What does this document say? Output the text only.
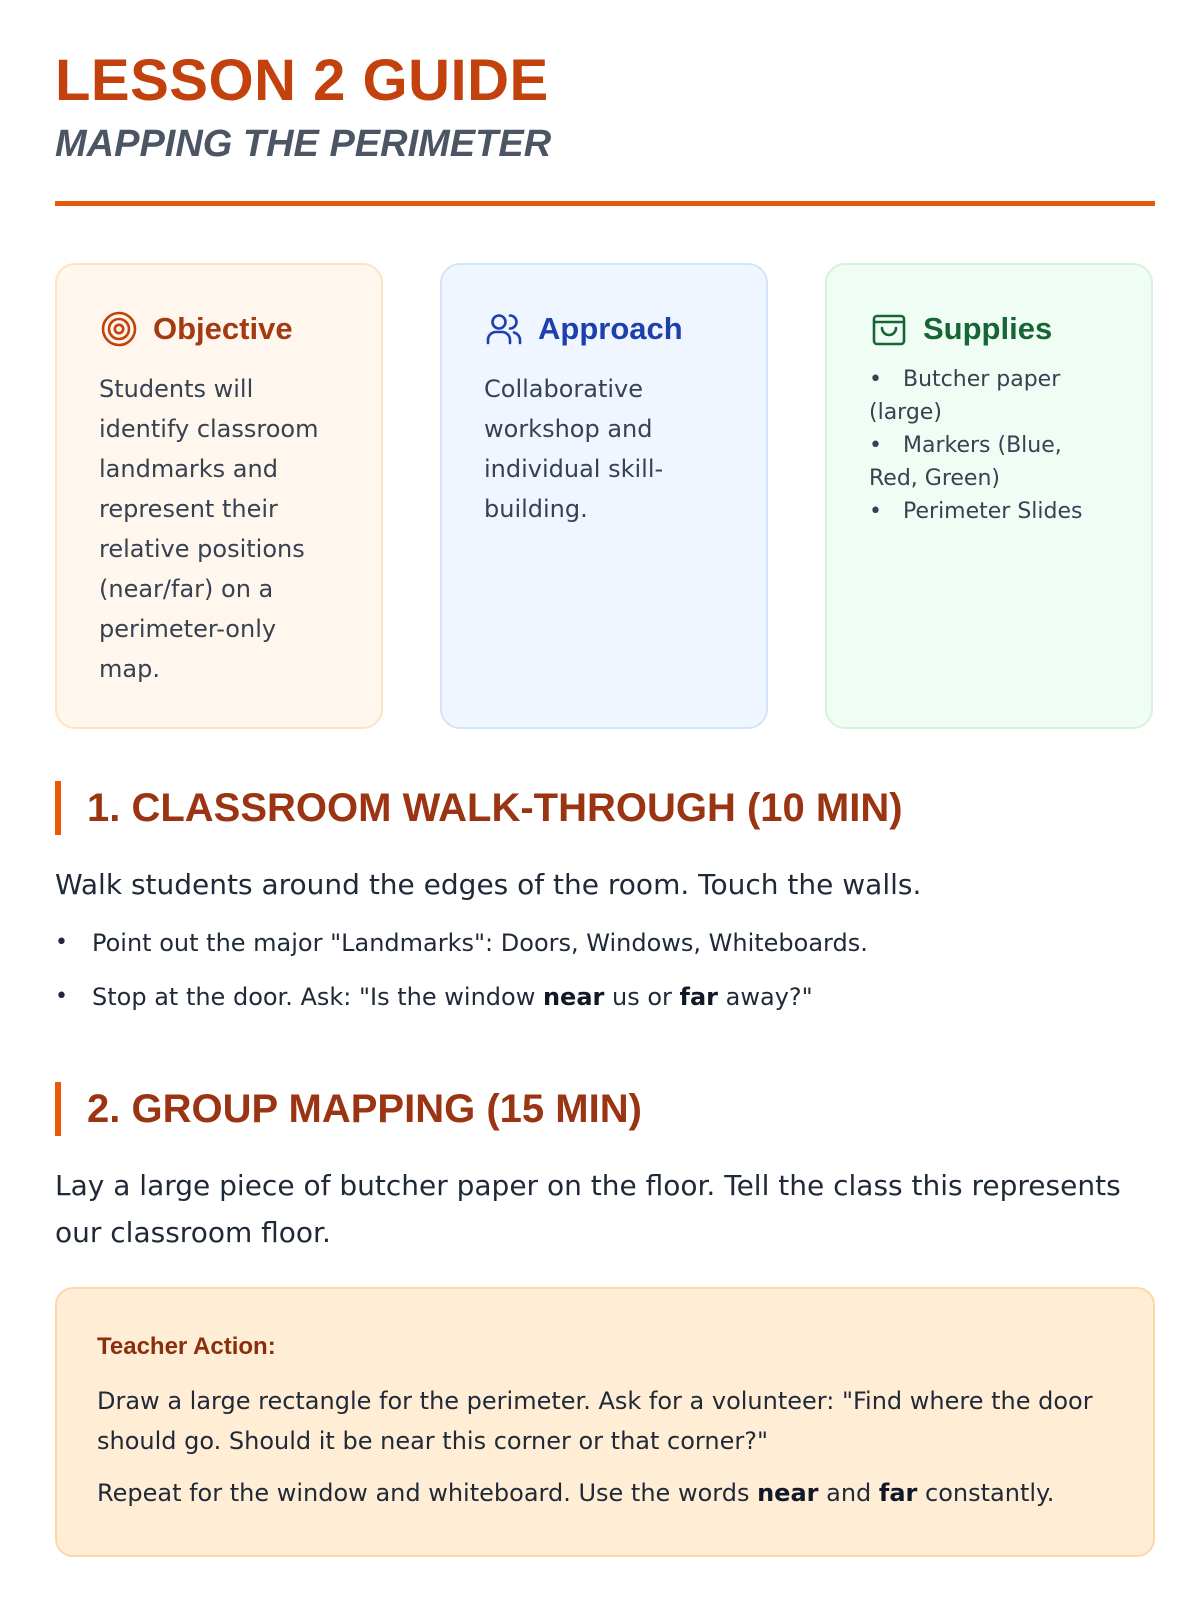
LESSON 2 GUIDE
MAPPING THE PERIMETER
Objective

Students will identify classroom landmarks and represent their relative positions (near/far) on a perimeter-only map.

Approach

Collaborative workshop and individual skill-building.

Supplies
• Butcher paper (large)
• Markers (Blue, Red, Green)
• Perimeter Slides
1. CLASSROOM WALK-THROUGH (10 MIN)

Walk students around the edges of the room. Touch the walls.

• Point out the major "Landmarks": Doors, Windows, Whiteboards.
• Stop at the door. Ask: "Is the window near us or far away?"
2. GROUP MAPPING (15 MIN)

Lay a large piece of butcher paper on the floor. Tell the class this represents our classroom floor.

Teacher Action:

Draw a large rectangle for the perimeter. Ask for a volunteer: "Find where the door should go. Should it be near this corner or that corner?"

Repeat for the window and whiteboard. Use the words near and far constantly.
